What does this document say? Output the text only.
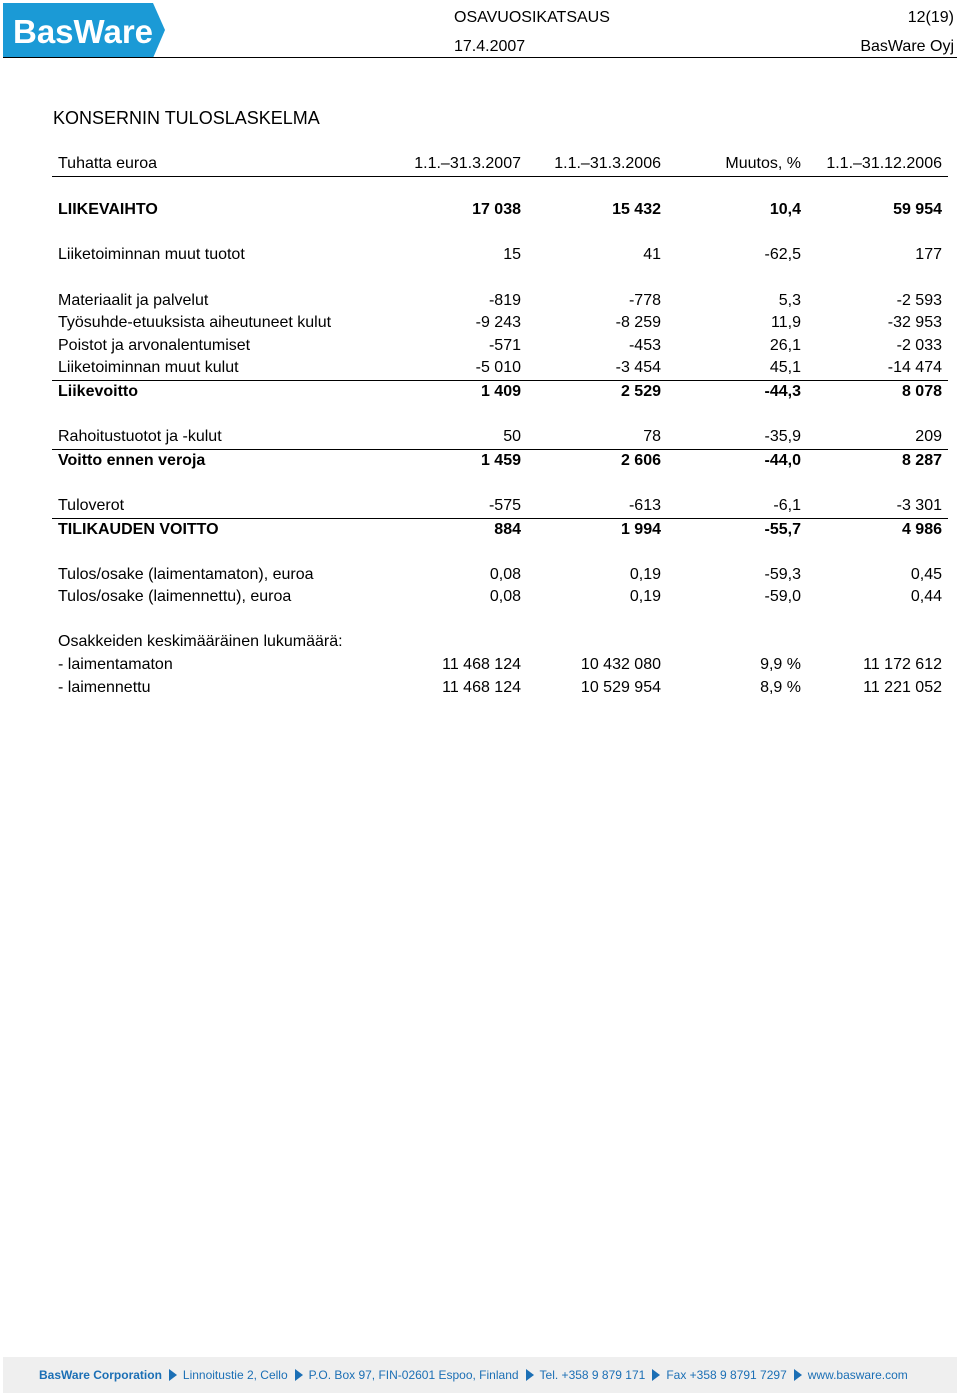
BasWare	OSAVUOSIKATSAUS
17.4.2007
12(19)
BasWare Oyj
KONSERNIN TULOSLASKELMA
Tuhatta euroa	1.1.–31.3.2007	1.1.–31.3.2006	Muutos, %	1.1.–31.12.2006

LIIKEVAIHTO	17 038	15 432	10,4	59 954

Liiketoiminnan muut tuotot	15	41	-62,5	177

Materiaalit ja palvelut	-819	-778	5,3	-2 593
Työsuhde-etuuksista aiheutuneet kulut	-9 243	-8 259	11,9	-32 953
Poistot ja arvonalentumiset	-571	-453	26,1	-2 033
Liiketoiminnan muut kulut	-5 010	-3 454	45,1	-14 474
Liikevoitto	1 409	2 529	-44,3	8 078

Rahoitustuotot ja -kulut	50	78	-35,9	209
Voitto ennen veroja	1 459	2 606	-44,0	8 287

Tuloverot	-575	-613	-6,1	-3 301
TILIKAUDEN VOITTO	884	1 994	-55,7	4 986

Tulos/osake (laimentamaton), euroa	0,08	0,19	-59,3	0,45
Tulos/osake (laimennettu), euroa	0,08	0,19	-59,0	0,44

Osakkeiden keskimääräinen lukumäärä:				
- laimentamaton	11 468 124	10 432 080	9,9 %	11 172 612
- laimennettu	11 468 124	10 529 954	8,9 %	11 221 052
BasWare Corporation Linnoitustie 2, Cello P.O. Box 97, FIN-02601 Espoo, Finland Tel. +358 9 879 171 Fax +358 9 8791 7297 www.basware.com
